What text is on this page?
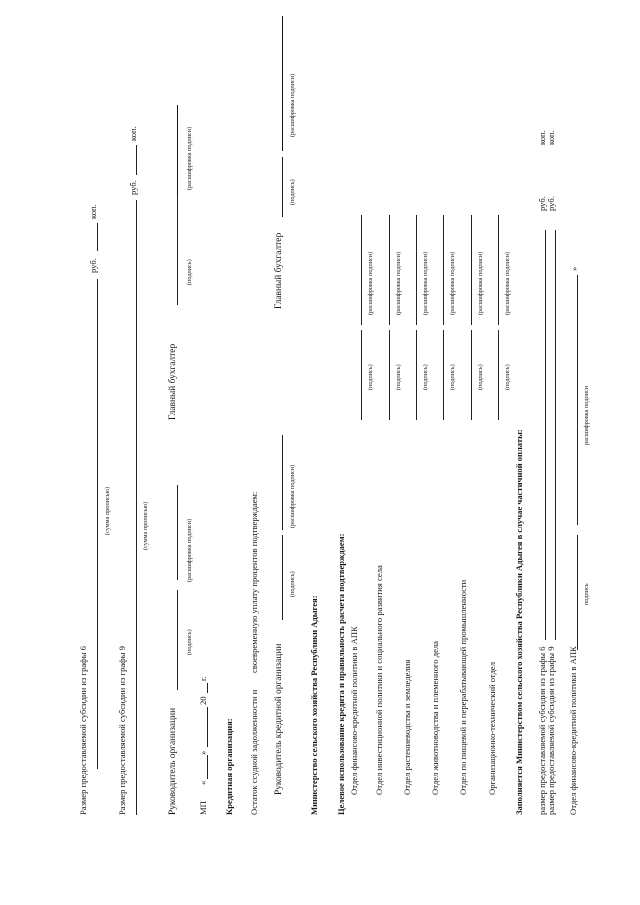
Размер предоставляемой субсидии из графы 6
руб.
коп.
(сумма прописью)
Размер предоставляемой субсидии из графы 9
руб.
коп.
(сумма прописью)
Руководитель организации
(подпись)
(расшифровка подписи)
Главный бухгалтер
(подпись)
(расшифровка подписи)
МП
«
»
20
г.
Кредитная организация: Остаток ссудной задолженности и
своевременную уплату процентов подтверждаем:
Руководитель кредитной организации
(подпись)
(расшифровка подписи)
Главный бухгалтер
(подпись)
(расшифровка подписи)
Министерство сельского хозяйства Республики Адыгея: Целевое использование кредита и правильность расчета подтверждаем: Отдел финансово-кредитной политики в АПК
(подпись)
(расшифровка подписи)
Отдел инвестиционной политики и социального развития села
(подпись)
(расшифровка подписи)
Отдел растениеводства и земледелия
(подпись)
(расшифровка подписи)
Отдел животноводства и племенного дела
(подпись)
(расшифровка подписи)
Отдел по пищевой и перерабатывающей промышленности
(подпись)
(расшифровка подписи)
Организационно-технический отдел
(подпись)
(расшифровка подписи)
Заполняется Министерством сельского хозяйства Республики Адыгея в случае частичной оплаты: размер предоставляемой субсидии из графы 6
руб.
коп.
размер предоставляемой субсидии из графы 9
руб.
коп.
Отдел финансово-кредитной политики в АПК
подпись
расшифровка подписи
»
